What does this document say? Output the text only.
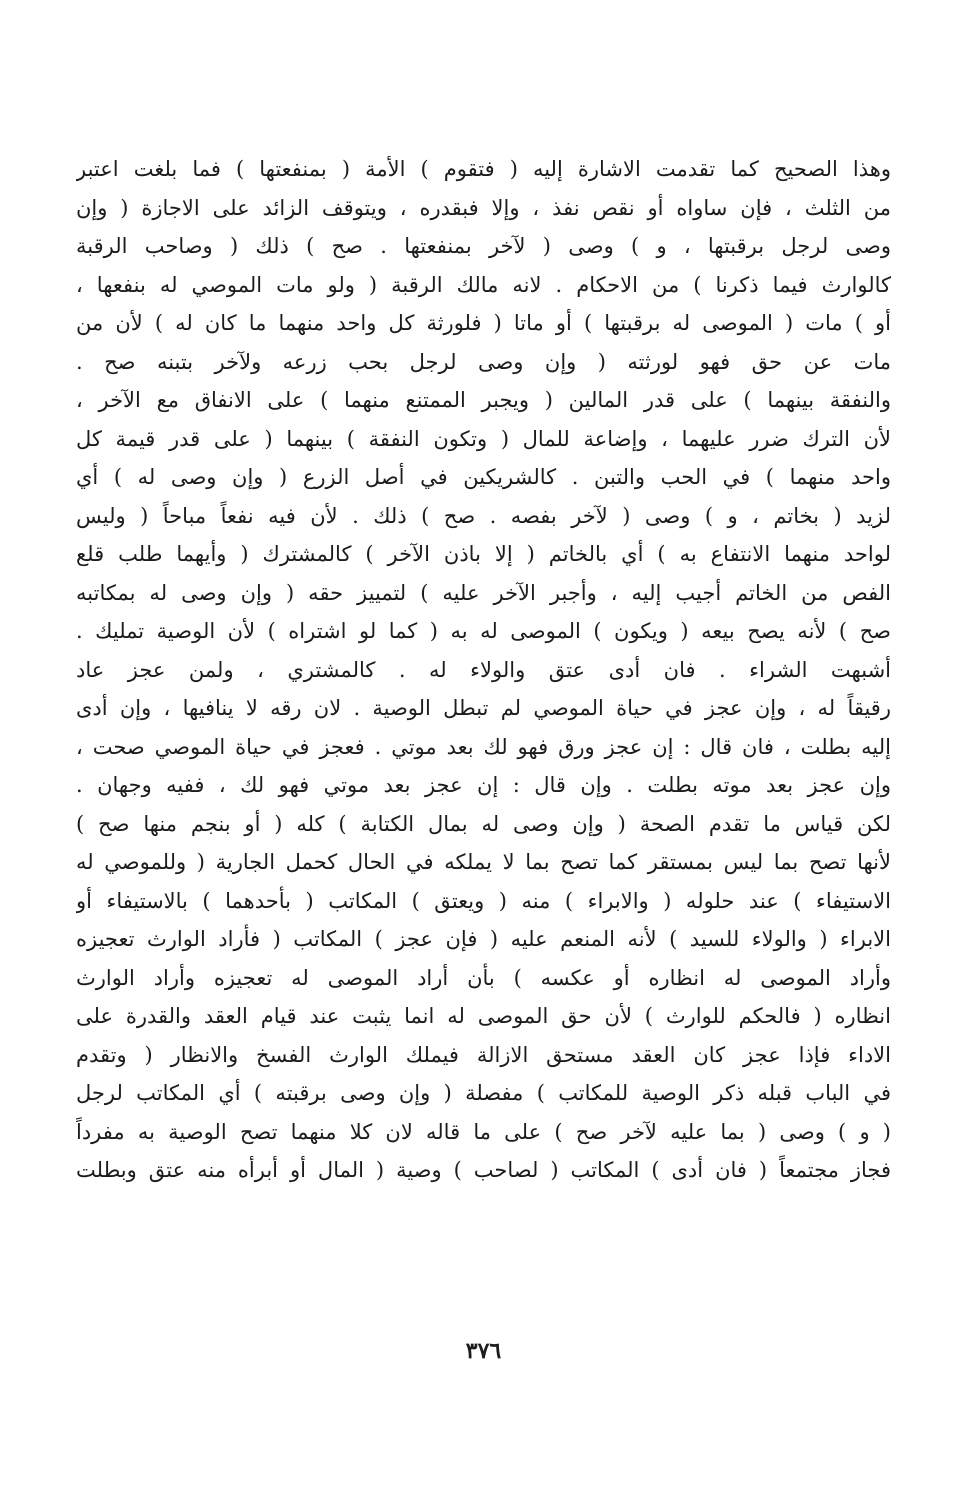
وهذا الصحيح كما تقدمت الاشارة إليه ( فتقوم ) الأمة ( بمنفعتها ) فما بلغت اعتبر
من الثلث ، فإن ساواه أو نقص نفذ ، وإلا فبقدره ، ويتوقف الزائد على الاجازة ( وإن
وصى لرجل برقبتها ، و ) وصى ( لآخر بمنفعتها . صح ) ذلك ( وصاحب الرقبة
كالوارث فيما ذكرنا ) من الاحكام . لانه مالك الرقبة ( ولو مات الموصي له بنفعها ،
أو ) مات ( الموصى له برقبتها ) أو ماتا ( فلورثة كل واحد منهما ما كان له ) لأن من
مات عن حق فهو لورثته ( وإن وصى لرجل بحب زرعه ولآخر بتبنه صح .
والنفقة بينهما ) على قدر المالين ( ويجبر الممتنع منهما ) على الانفاق مع الآخر ،
لأن الترك ضرر عليهما ، وإضاعة للمال ( وتكون النفقة ) بينهما ( على قدر قيمة كل
واحد منهما ) في الحب والتبن . كالشريكين في أصل الزرع ( وإن وصى له ) أي
لزيد ( بخاتم ، و ) وصى ( لآخر بفصه . صح ) ذلك . لأن فيه نفعاً مباحاً ( وليس
لواحد منهما الانتفاع به ) أي بالخاتم ( إلا باذن الآخر ) كالمشترك ( وأيهما طلب قلع
الفص من الخاتم أجيب إليه ، وأجبر الآخر عليه ) لتمييز حقه ( وإن وصى له بمكاتبه
صح ) لأنه يصح بيعه ( ويكون ) الموصى له به ( كما لو اشتراه ) لأن الوصية تمليك .
أشبهت الشراء . فان أدى عتق والولاء له . كالمشتري ، ولمن عجز عاد
رقيقاً له ، وإن عجز في حياة الموصي لم تبطل الوصية . لان رقه لا ينافيها ، وإن أدى
إليه بطلت ، فان قال : إن عجز ورق فهو لك بعد موتي . فعجز في حياة الموصي صحت ،
وإن عجز بعد موته بطلت . وإن قال : إن عجز بعد موتي فهو لك ، ففيه وجهان .
لكن قياس ما تقدم الصحة ( وإن وصى له بمال الكتابة ) كله ( أو بنجم منها صح )
لأنها تصح بما ليس بمستقر كما تصح بما لا يملكه في الحال كحمل الجارية ( وللموصي له
الاستيفاء ) عند حلوله ( والابراء ) منه ( ويعتق ) المكاتب ( بأحدهما ) بالاستيفاء أو
الابراء ( والولاء للسيد ) لأنه المنعم عليه ( فإن عجز ) المكاتب ( فأراد الوارث تعجيزه
وأراد الموصى له انظاره أو عكسه ) بأن أراد الموصى له تعجيزه وأراد الوارث
انظاره ( فالحكم للوارث ) لأن حق الموصى له انما يثبت عند قيام العقد والقدرة على
الاداء فإذا عجز كان العقد مستحق الازالة فيملك الوارث الفسخ والانظار ( وتقدم
في الباب قبله ذكر الوصية للمكاتب ) مفصلة ( وإن وصى برقبته ) أي المكاتب لرجل
( و ) وصى ( بما عليه لآخر صح ) على ما قاله لان كلا منهما تصح الوصية به مفرداً
فجاز مجتمعاً ( فان أدى ) المكاتب ( لصاحب ) وصية ( المال أو أبرأه منه عتق وبطلت
٣٧٦
